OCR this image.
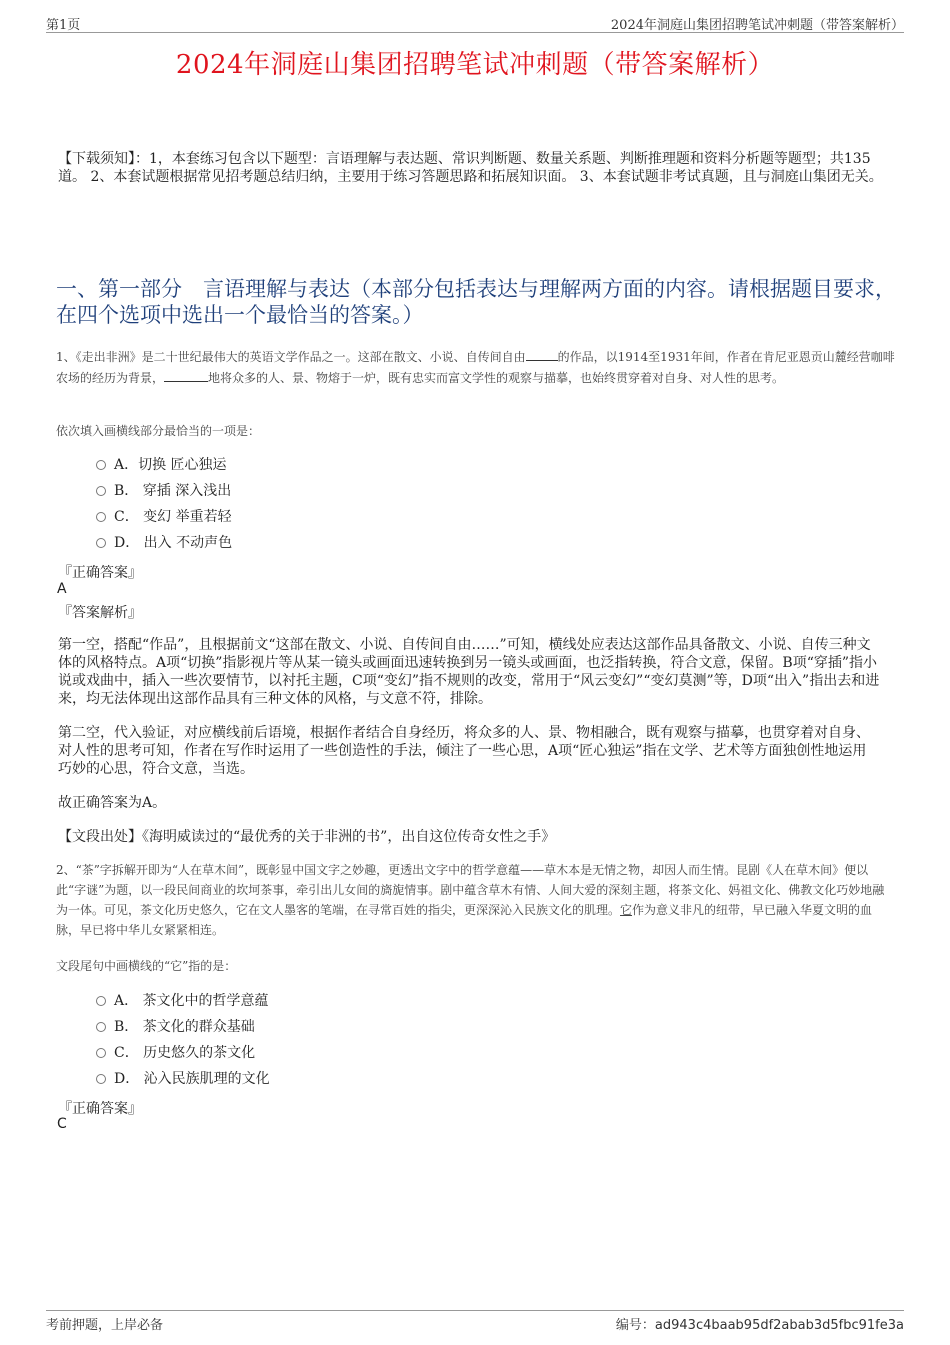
第1页	2024年洞庭山集团招聘笔试冲刺题（带答案解析）
2024年洞庭山集团招聘笔试冲刺题（带答案解析）
【下载须知】：1，本套练习包含以下题型：言语理解与表达题、常识判断题、数量关系题、判断推理题和资料分析题等题型；共135道。 2、本套试题根据常见招考题总结归纳，主要用于练习答题思路和拓展知识面。 3、本套试题非考试真题，且与洞庭山集团无关。
一、第一部分　言语理解与表达（本部分包括表达与理解两方面的内容。请根据题目要求，在四个选项中选出一个最恰当的答案。）
1、《走出非洲》是二十世纪最伟大的英语文学作品之一。这部在散文、小说、自传间自由	的作品，以1914至1931年间，作者在肯尼亚恩贡山麓经营咖啡农场的经历为背景，	地将众多的人、景、物熔于一炉，既有忠实而富文学性的观察与描摹，也始终贯穿着对自身、对人性的思考。
依次填入画横线部分最恰当的一项是：
A．切换 匠心独运
B． 穿插 深入浅出
C． 变幻 举重若轻
D． 出入 不动声色
『正确答案』
A
『答案解析』
第一空，搭配“作品”，且根据前文“这部在散文、小说、自传间自由……”可知，横线处应表达这部作品具备散文、小说、自传三种文体的风格特点。A项“切换”指影视片等从某一镜头或画面迅速转换到另一镜头或画面，也泛指转换，符合文意，保留。B项“穿插”指小说或戏曲中，插入一些次要情节，以衬托主题，C项“变幻”指不规则的改变，常用于“风云变幻”“变幻莫测”等，D项“出入”指出去和进来，均无法体现出这部作品具有三种文体的风格，与文意不符，排除。
第二空，代入验证，对应横线前后语境，根据作者结合自身经历，将众多的人、景、物相融合，既有观察与描摹，也贯穿着对自身、对人性的思考可知，作者在写作时运用了一些创造性的手法，倾注了一些心思，A项“匠心独运”指在文学、艺术等方面独创性地运用巧妙的心思，符合文意，当选。
故正确答案为A。
【文段出处】《海明威读过的“最优秀的关于非洲的书”，出自这位传奇女性之手》
2、“茶”字拆解开即为“人在草木间”，既彰显中国文字之妙趣，更透出文字中的哲学意蕴——草木本是无情之物，却因人而生情。昆剧《人在草木间》便以此“字谜”为题，以一段民间商业的坎坷茶事，牵引出儿女间的旖旎情事。剧中蕴含草木有情、人间大爱的深刻主题，将茶文化、妈祖文化、佛教文化巧妙地融为一体。可见，茶文化历史悠久，它在文人墨客的笔端，在寻常百姓的指尖，更深深沁入民族文化的肌理。它作为意义非凡的纽带，早已融入华夏文明的血脉，早已将中华儿女紧紧相连。
文段尾句中画横线的“它”指的是：
A． 茶文化中的哲学意蕴
B． 茶文化的群众基础
C． 历史悠久的茶文化
D． 沁入民族肌理的文化
『正确答案』
C
考前押题，上岸必备	编号：ad943c4baab95df2abab3d5fbc91fe3a
